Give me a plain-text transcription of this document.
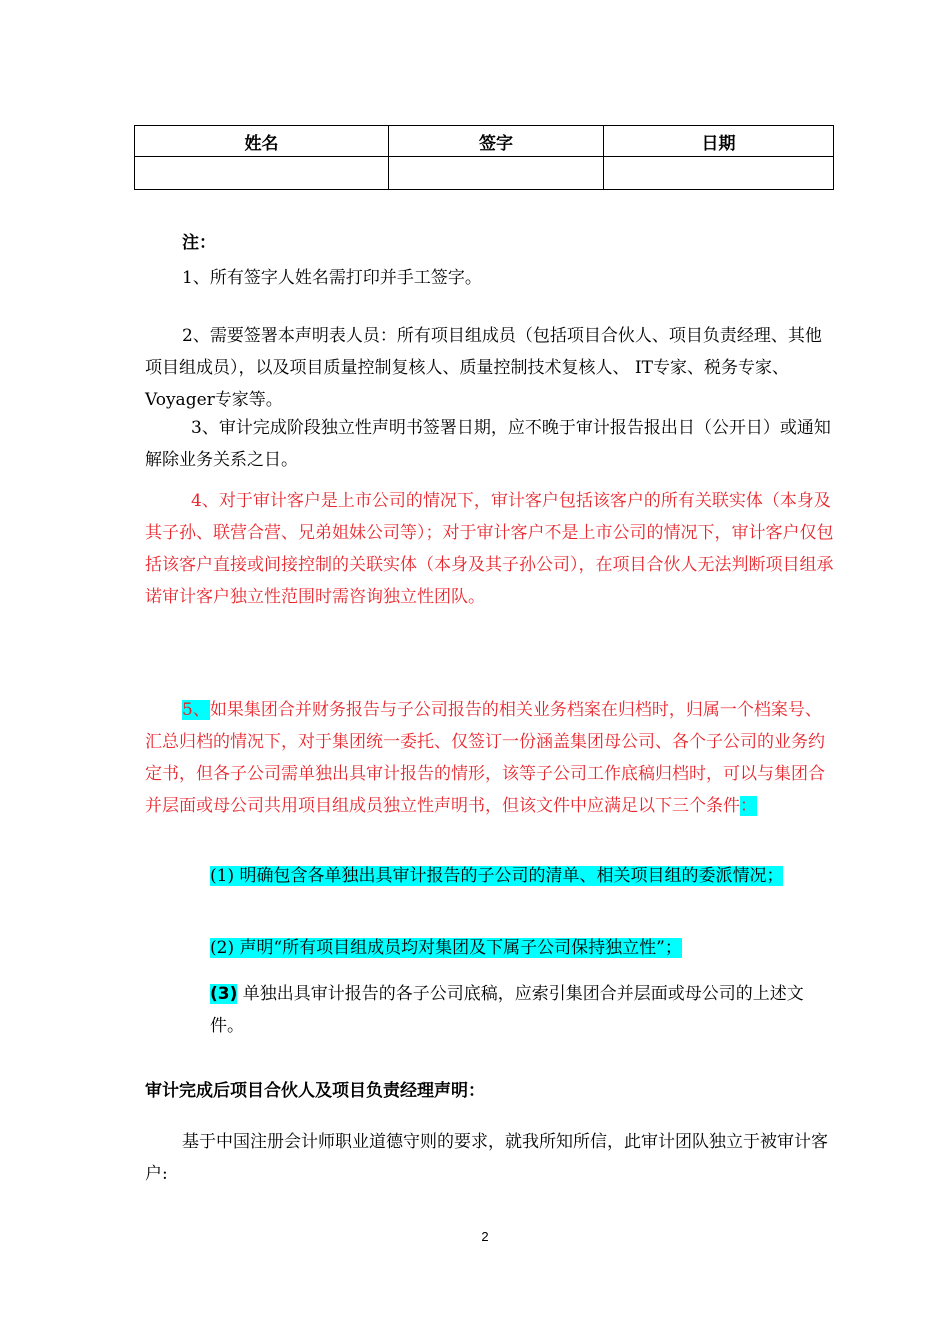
姓名	签字	日期

注：
1、所有签字人姓名需打印并手工签字。
2、需要签署本声明表人员：所有项目组成员（包括项目合伙人、项目负责经理、其他项目组成员），以及项目质量控制复核人、质量控制技术复核人、 IT专家、税务专家、Voyager专家等。
3、审计完成阶段独立性声明书签署日期，应不晚于审计报告报出日（公开日）或通知解除业务关系之日。
4、对于审计客户是上市公司的情况下，审计客户包括该客户的所有关联实体（本身及其子孙、联营合营、兄弟姐妹公司等）；对于审计客户不是上市公司的情况下，审计客户仅包括该客户直接或间接控制的关联实体（本身及其子孙公司），在项目合伙人无法判断项目组承诺审计客户独立性范围时需咨询独立性团队。
5、如果集团合并财务报告与子公司报告的相关业务档案在归档时，归属一个档案号、汇总归档的情况下，对于集团统一委托、仅签订一份涵盖集团母公司、各个子公司的业务约定书，但各子公司需单独出具审计报告的情形，该等子公司工作底稿归档时，可以与集团合并层面或母公司共用项目组成员独立性声明书，但该文件中应满足以下三个条件：
(1) 明确包含各单独出具审计报告的子公司的清单、相关项目组的委派情况；
(2) 声明“所有项目组成员均对集团及下属子公司保持独立性”；
(3) 单独出具审计报告的各子公司底稿，应索引集团合并层面或母公司的上述文件。
审计完成后项目合伙人及项目负责经理声明：
基于中国注册会计师职业道德守则的要求，就我所知所信，此审计团队独立于被审计客户:
2
